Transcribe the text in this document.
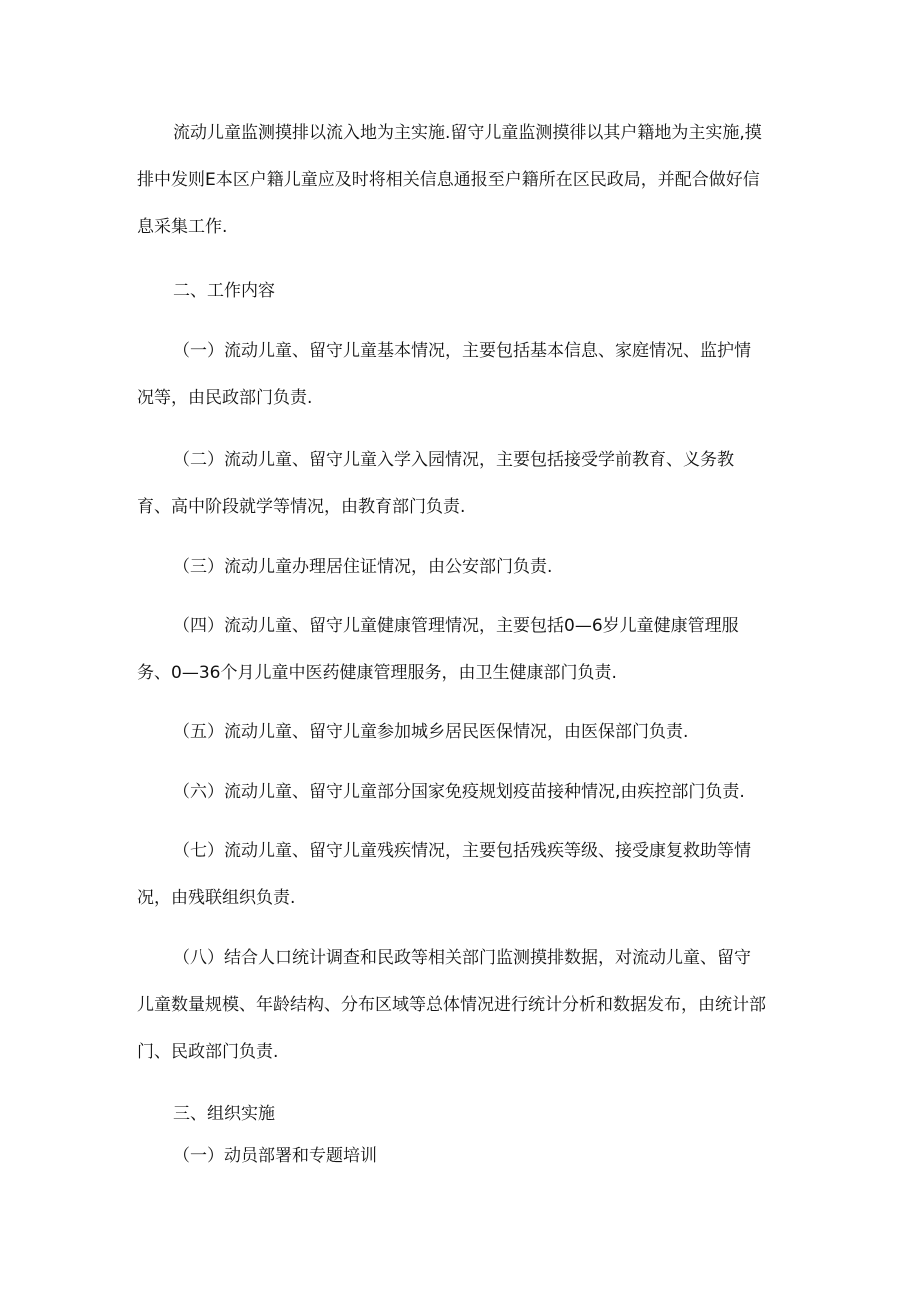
流动儿童监测摸排以流入地为主实施.留守儿童监测摸徘以其户籍地为主实施,摸
排中发则E本区户籍儿童应及时将相关信息通报至户籍所在区民政局，并配合做好信
息采集工作.
二、工作内容
（一）流动儿童、留守儿童基本情况，主要包括基本信息、家庭情况、监护情
况等，由民政部门负责.
（二）流动儿童、留守儿童入学入园情况，主要包括接受学前教育、义务教
育、高中阶段就学等情况，由教育部门负责.
（三）流动儿童办理居住证情况，由公安部门负责.
（四）流动儿童、留守儿童健康管理情况，主要包括0—6岁儿童健康管理服
务、0—36个月儿童中医药健康管理服务，由卫生健康部门负责.
（五）流动儿童、留守儿童参加城乡居民医保情况，由医保部门负责.
（六）流动儿童、留守儿童部分国家免疫规划疫苗接种情况,由疾控部门负责.
（七）流动儿童、留守儿童残疾情况，主要包括残疾等级、接受康复救助等情
况，由残联组织负责.
（八）结合人口统计调查和民政等相关部门监测摸排数据，对流动儿童、留守
儿童数量规模、年龄结构、分布区域等总体情况进行统计分析和数据发布，由统计部
门、民政部门负责.
三、组织实施
（一）动员部署和专题培训
